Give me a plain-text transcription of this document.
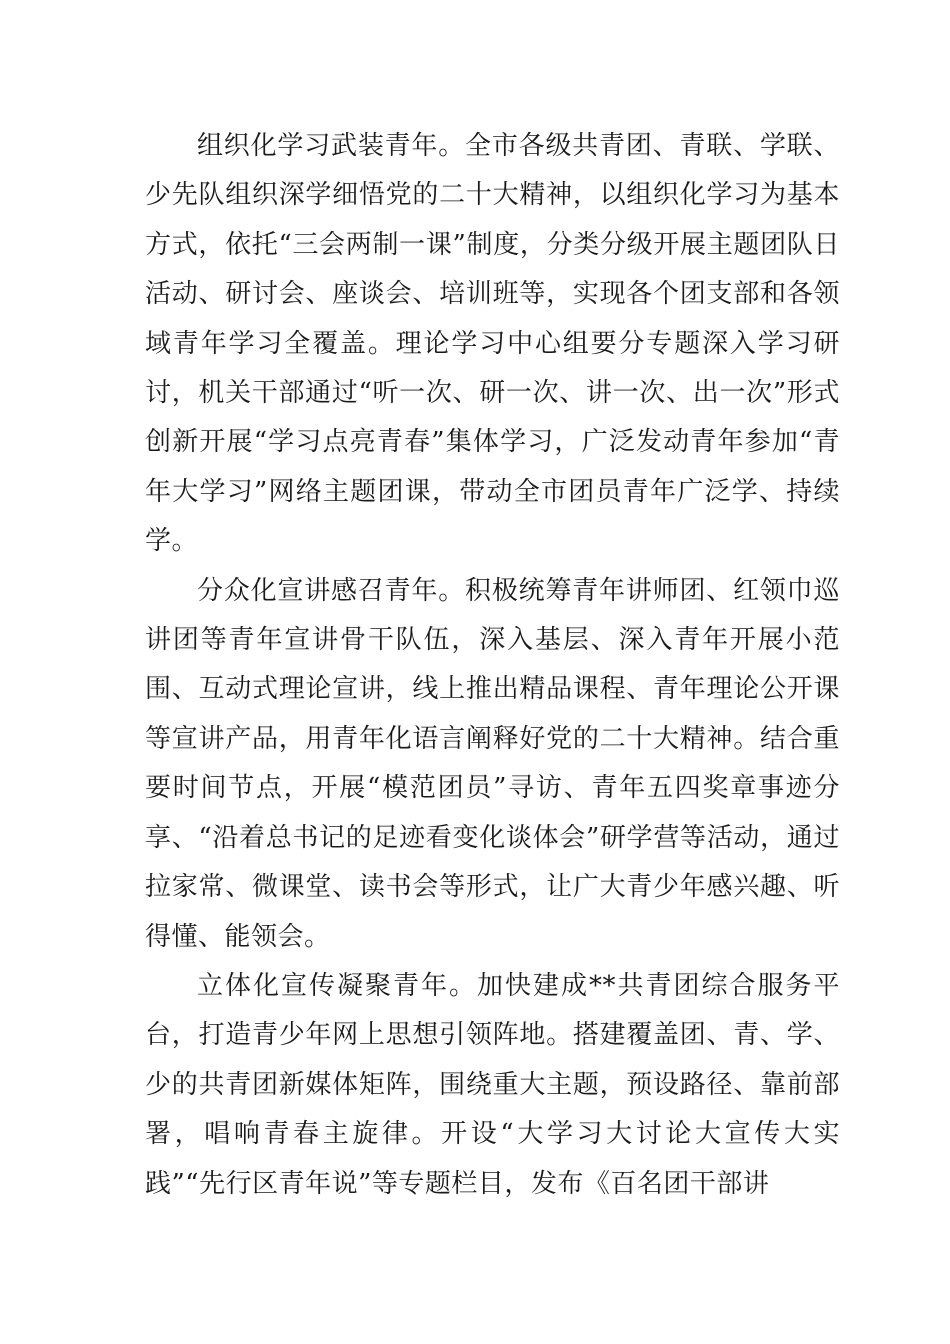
组织化学习武装青年。全市各级共青团、青联、学联、少先队组织深学细悟党的二十大精神，以组织化学习为基本方式，依托“三会两制一课”制度，分类分级开展主题团队日活动、研讨会、座谈会、培训班等，实现各个团支部和各领域青年学习全覆盖。理论学习中心组要分专题深入学习研讨，机关干部通过“听一次、研一次、讲一次、出一次”形式创新开展“学习点亮青春”集体学习，广泛发动青年参加“青年大学习”网络主题团课，带动全市团员青年广泛学、持续学。

分众化宣讲感召青年。积极统筹青年讲师团、红领巾巡讲团等青年宣讲骨干队伍，深入基层、深入青年开展小范围、互动式理论宣讲，线上推出精品课程、青年理论公开课等宣讲产品，用青年化语言阐释好党的二十大精神。结合重要时间节点，开展“模范团员”寻访、青年五四奖章事迹分享、“沿着总书记的足迹看变化谈体会”研学营等活动，通过拉家常、微课堂、读书会等形式，让广大青少年感兴趣、听得懂、能领会。

立体化宣传凝聚青年。加快建成**共青团综合服务平台，打造青少年网上思想引领阵地。搭建覆盖团、青、学、少的共青团新媒体矩阵，围绕重大主题，预设路径、靠前部署，唱响青春主旋律。开设“大学习大讨论大宣传大实践”“先行区青年说”等专题栏目，发布《百名团干部讲
